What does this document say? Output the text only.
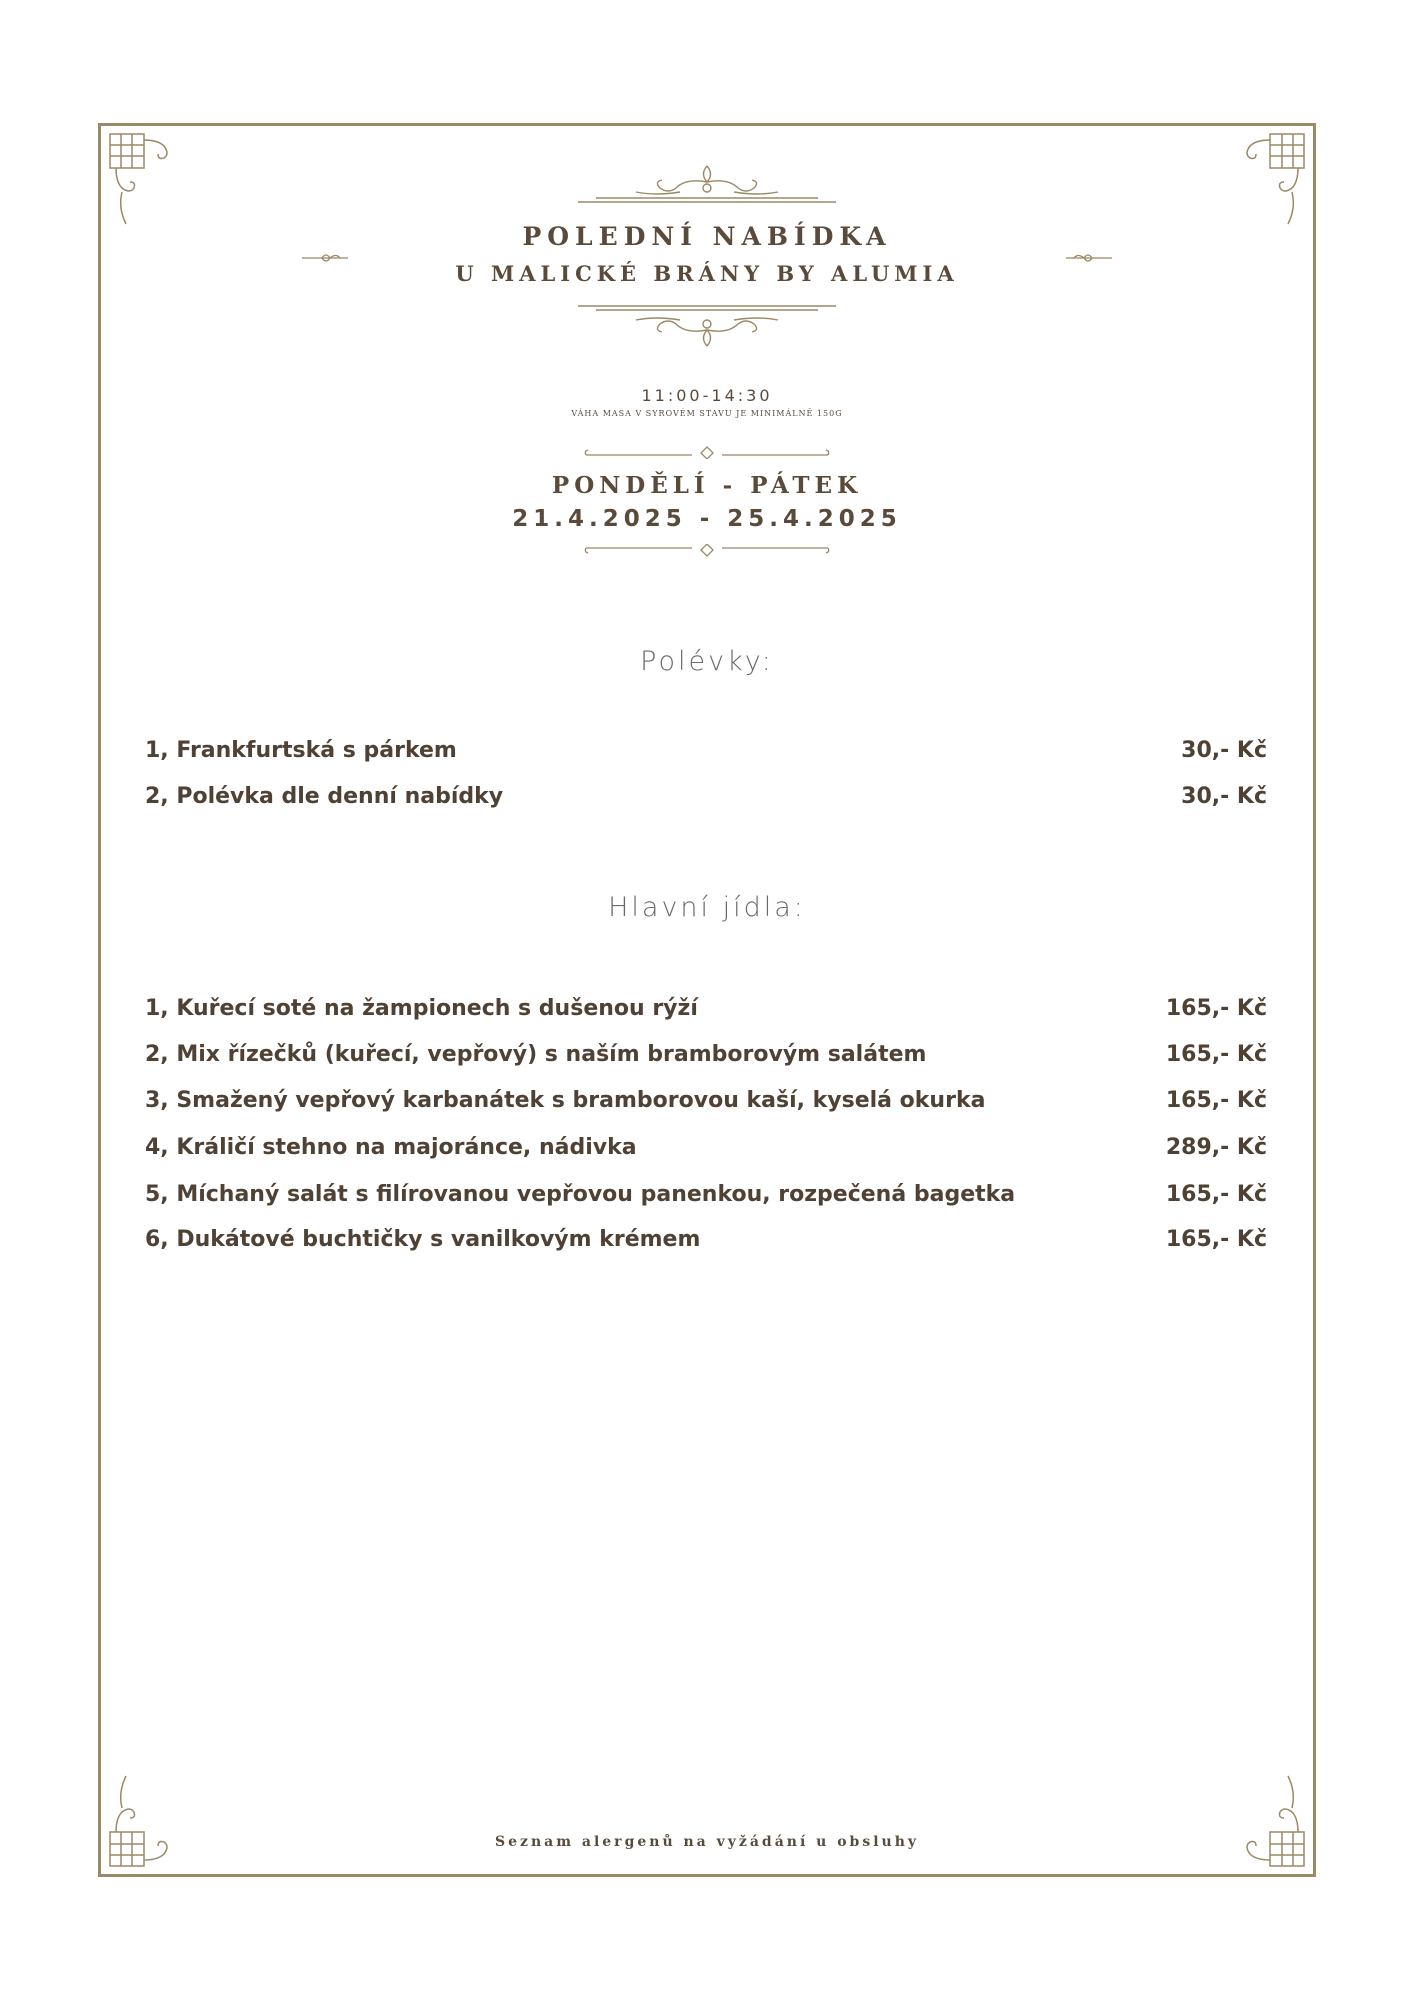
POLEDNÍ NABÍDKA
U MALICKÉ BRÁNY BY ALUMIA
11:00-14:30
VÁHA MASA V SYROVÉM STAVU JE MINIMÁLNĚ 150G
PONDĚLÍ - PÁTEK
21.4.2025 - 25.4.2025
Polévky:
1, Frankfurtská s párkem	30,- Kč
2, Polévka dle denní nabídky	30,- Kč
Hlavní jídla:
1, Kuřecí soté na žampionech s dušenou rýží	165,- Kč
2, Mix řízečků (kuřecí, vepřový) s naším bramborovým salátem	165,- Kč
3, Smažený vepřový karbanátek s bramborovou kaší, kyselá okurka	165,- Kč
4, Králičí stehno na majoránce, nádivka	289,- Kč
5, Míchaný salát s filírovanou vepřovou panenkou, rozpečená bagetka	165,- Kč
6, Dukátové buchtičky s vanilkovým krémem	165,- Kč
Seznam alergenů na vyžádání u obsluhy
